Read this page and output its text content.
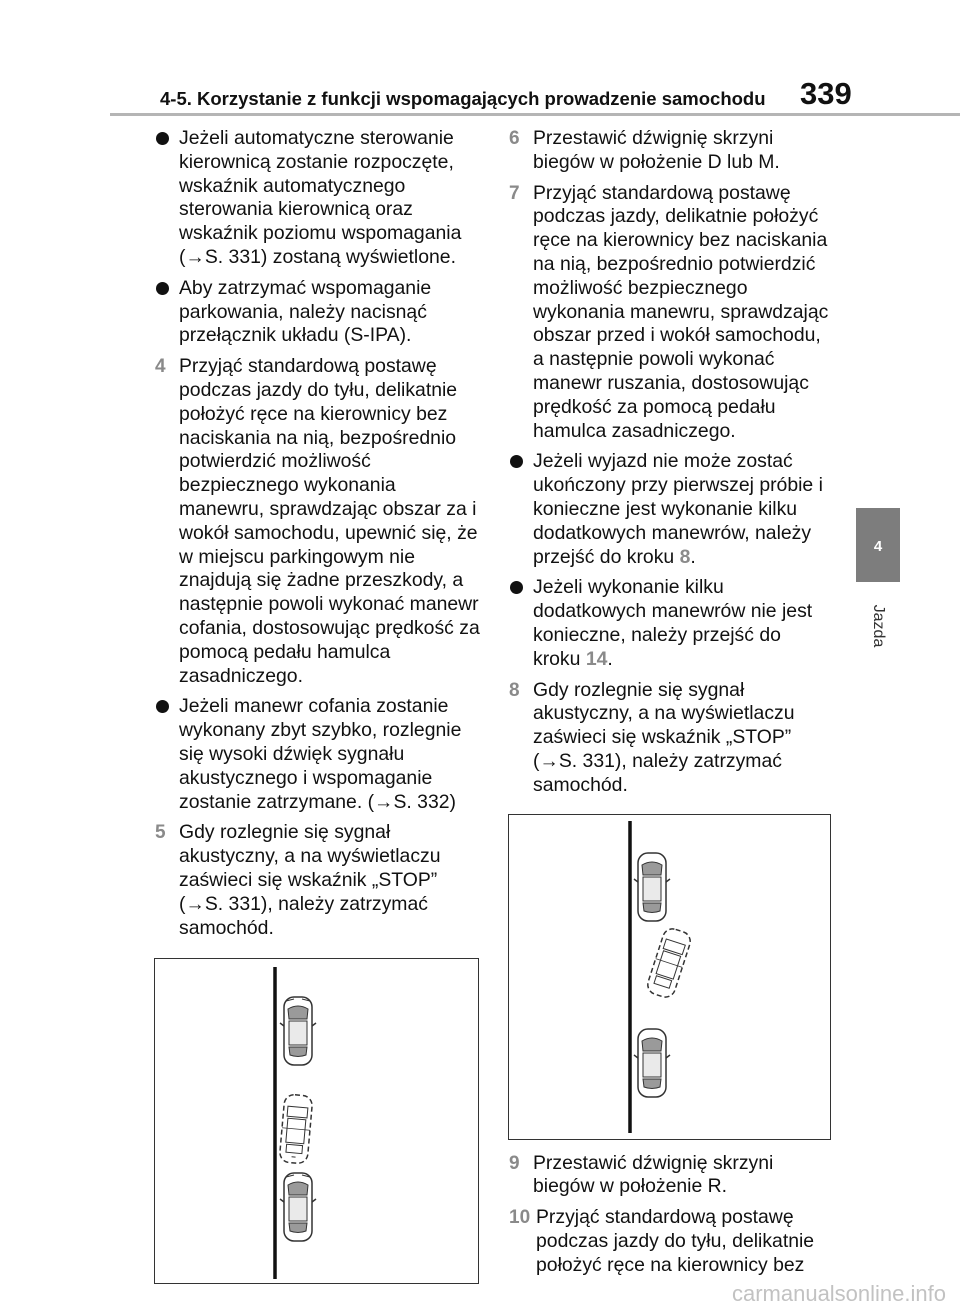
4-5. Korzystanie z funkcji wspomagających prowadzenie samochodu 339
4
Jazda
Jeżeli automatyczne sterowanie kierownicą zostanie rozpoczęte, wskaźnik automatycznego sterowania kierownicą oraz wskaźnik poziomu wspomagania (→S. 331) zostaną wyświetlone.
Aby zatrzymać wspomaganie parkowania, należy nacisnąć przełącznik układu (S-IPA).
4 Przyjąć standardową postawę podczas jazdy do tyłu, delikatnie położyć ręce na kierownicy bez naciskania na nią, bezpośrednio potwierdzić możliwość bezpiecznego wykonania manewru, sprawdzając obszar za i wokół samochodu, upewnić się, że w miejscu parkingowym nie znajdują się żadne przeszkody, a następnie powoli wykonać manewr cofania, dostosowując prędkość za pomocą pedału hamulca zasadniczego.
Jeżeli manewr cofania zostanie wykonany zbyt szybko, rozlegnie się wysoki dźwięk sygnału akustycznego i wspomaganie zostanie zatrzymane. (→S. 332)
5 Gdy rozlegnie się sygnał akustyczny, a na wyświetlaczu zaświeci się wskaźnik „STOP” (→S. 331), należy zatrzymać samochód.
6 Przestawić dźwignię skrzyni biegów w położenie D lub M.
7 Przyjąć standardową postawę podczas jazdy, delikatnie położyć ręce na kierownicy bez naciskania na nią, bezpośrednio potwierdzić możliwość bezpiecznego wykonania manewru, sprawdzając obszar przed i wokół samochodu, a następnie powoli wykonać manewr ruszania, dostosowując prędkość za pomocą pedału hamulca zasadniczego.
Jeżeli wyjazd nie może zostać ukończony przy pierwszej próbie i konieczne jest wykonanie kilku dodatkowych manewrów, należy przejść do kroku 8.
Jeżeli wykonanie kilku dodatkowych manewrów nie jest konieczne, należy przejść do kroku 14.
8 Gdy rozlegnie się sygnał akustyczny, a na wyświetlaczu zaświeci się wskaźnik „STOP” (→S. 331), należy zatrzymać samochód.
9 Przestawić dźwignię skrzyni biegów w położenie R.
10 Przyjąć standardową postawę podczas jazdy do tyłu, delikatnie położyć ręce na kierownicy bez
carmanualsonline.info
